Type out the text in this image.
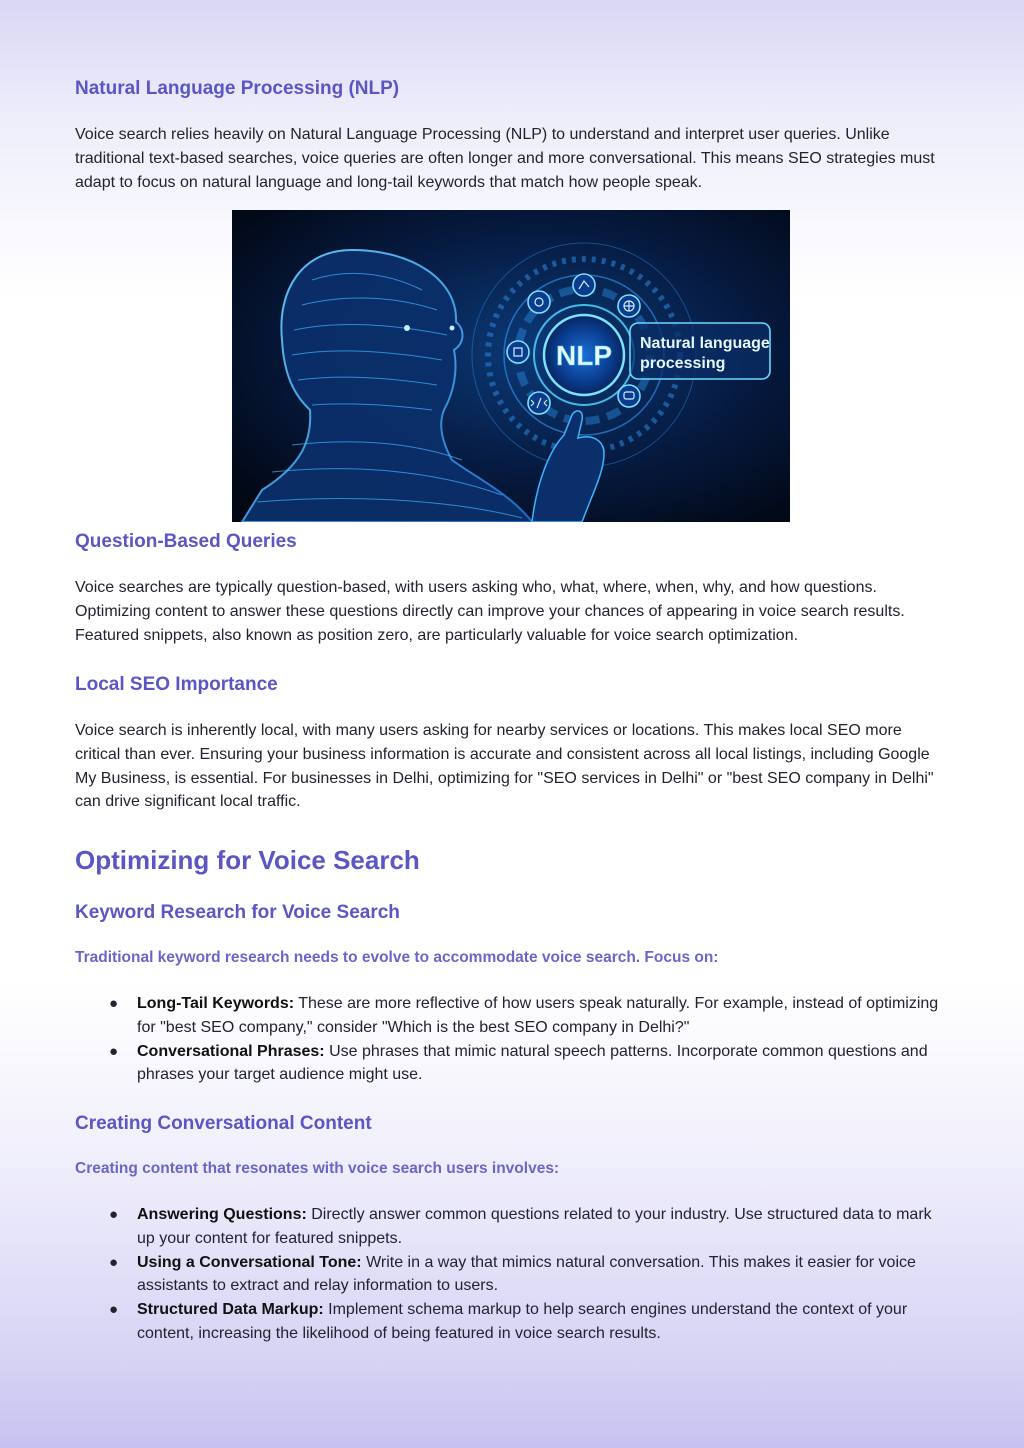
Natural Language Processing (NLP)

Voice search relies heavily on Natural Language Processing (NLP) to understand and interpret user queries. Unlike traditional text-based searches, voice queries are often longer and more conversational. This means SEO strategies must adapt to focus on natural language and long-tail keywords that match how people speak.

NLP Natural language
processing
Question-Based Queries

Voice searches are typically question-based, with users asking who, what, where, when, why, and how questions. Optimizing content to answer these questions directly can improve your chances of appearing in voice search results. Featured snippets, also known as position zero, are particularly valuable for voice search optimization.

Local SEO Importance

Voice search is inherently local, with many users asking for nearby services or locations. This makes local SEO more critical than ever. Ensuring your business information is accurate and consistent across all local listings, including Google My Business, is essential. For businesses in Delhi, optimizing for "SEO services in Delhi" or "best SEO company in Delhi" can drive significant local traffic.

Optimizing for Voice Search
Keyword Research for Voice Search
Traditional keyword research needs to evolve to accommodate voice search. Focus on:
● Long-Tail Keywords: These are more reflective of how users speak naturally. For example, instead of optimizing for "best SEO company," consider "Which is the best SEO company in Delhi?"
● Conversational Phrases: Use phrases that mimic natural speech patterns. Incorporate common questions and phrases your target audience might use.
Creating Conversational Content
Creating content that resonates with voice search users involves:
● Answering Questions: Directly answer common questions related to your industry. Use structured data to mark up your content for featured snippets.
● Using a Conversational Tone: Write in a way that mimics natural conversation. This makes it easier for voice assistants to extract and relay information to users.
● Structured Data Markup: Implement schema markup to help search engines understand the context of your content, increasing the likelihood of being featured in voice search results.
